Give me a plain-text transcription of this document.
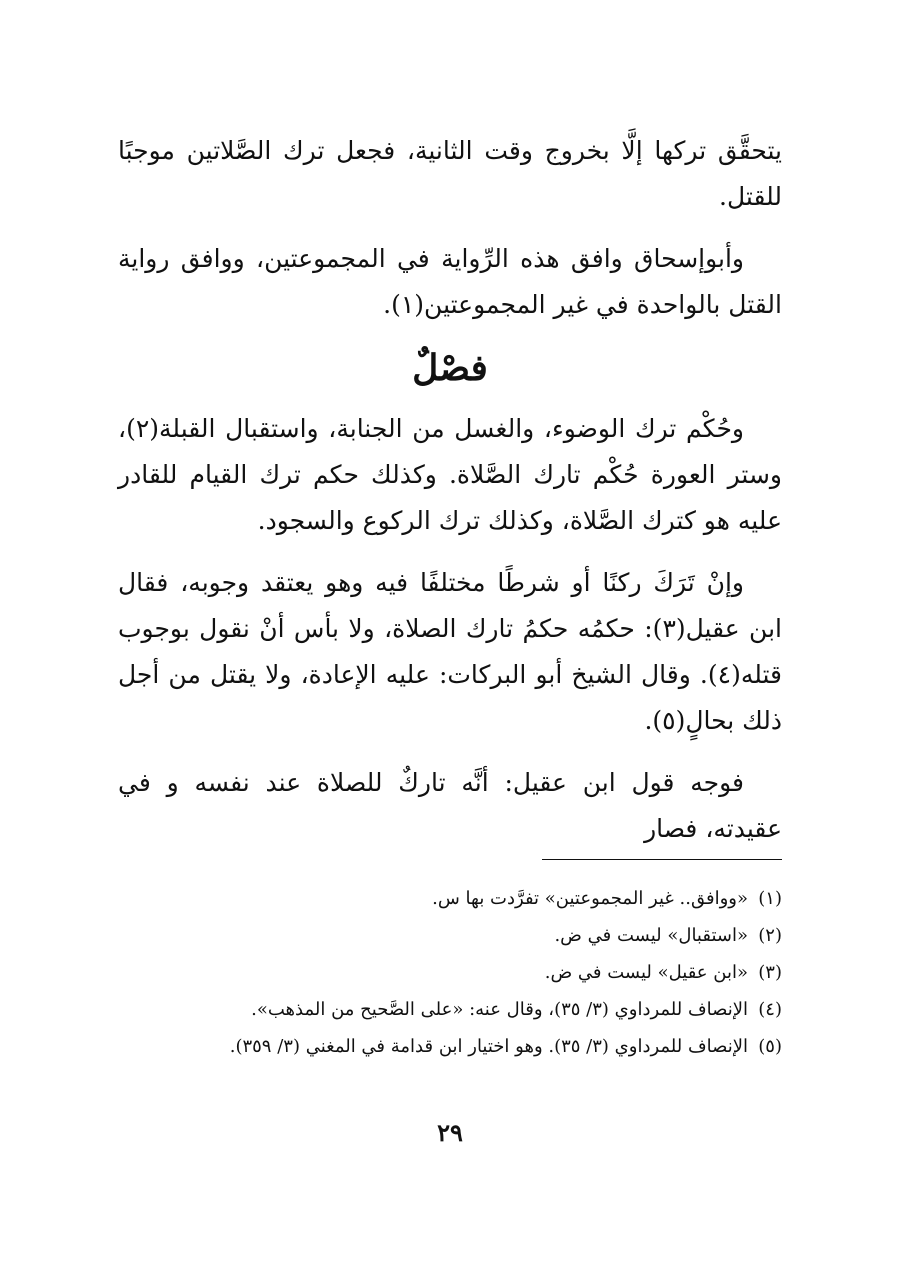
يتحقَّق تركها إلَّا بخروج وقت الثانية، فجعل ترك الصَّلاتين موجبًا للقتل.

وأبوإسحاق وافق هذه الرِّواية في المجموعتين، ووافق رواية القتل بالواحدة في غير المجموعتين(١).

فصْلٌ

وحُكْم ترك الوضوء، والغسل من الجنابة، واستقبال القبلة(٢)، وستر العورة حُكْم تارك الصَّلاة. وكذلك حكم ترك القيام للقادر عليه هو كترك الصَّلاة، وكذلك ترك الركوع والسجود.

وإنْ تَرَكَ ركنًا أو شرطًا مختلفًا فيه وهو يعتقد وجوبه، فقال ابن عقيل(٣): حكمُه حكمُ تارك الصلاة، ولا بأس أنْ نقول بوجوب قتله(٤). وقال الشيخ أبو البركات: عليه الإعادة، ولا يقتل من أجل ذلك بحالٍ(٥).

فوجه قول ابن عقيل: أنَّه تاركٌ للصلاة عند نفسه و في عقيدته، فصار

(١)«ووافق.. غير المجموعتين» تفرَّدت بها س.
(٢)«استقبال» ليست في ض.
(٣)«ابن عقيل» ليست في ض.
(٤)الإنصاف للمرداوي (٣/ ٣٥)، وقال عنه: «على الصَّحيح من المذهب».
(٥)الإنصاف للمرداوي (٣/ ٣٥). وهو اختيار ابن قدامة في المغني (٣/ ٣٥٩).
٢٩
